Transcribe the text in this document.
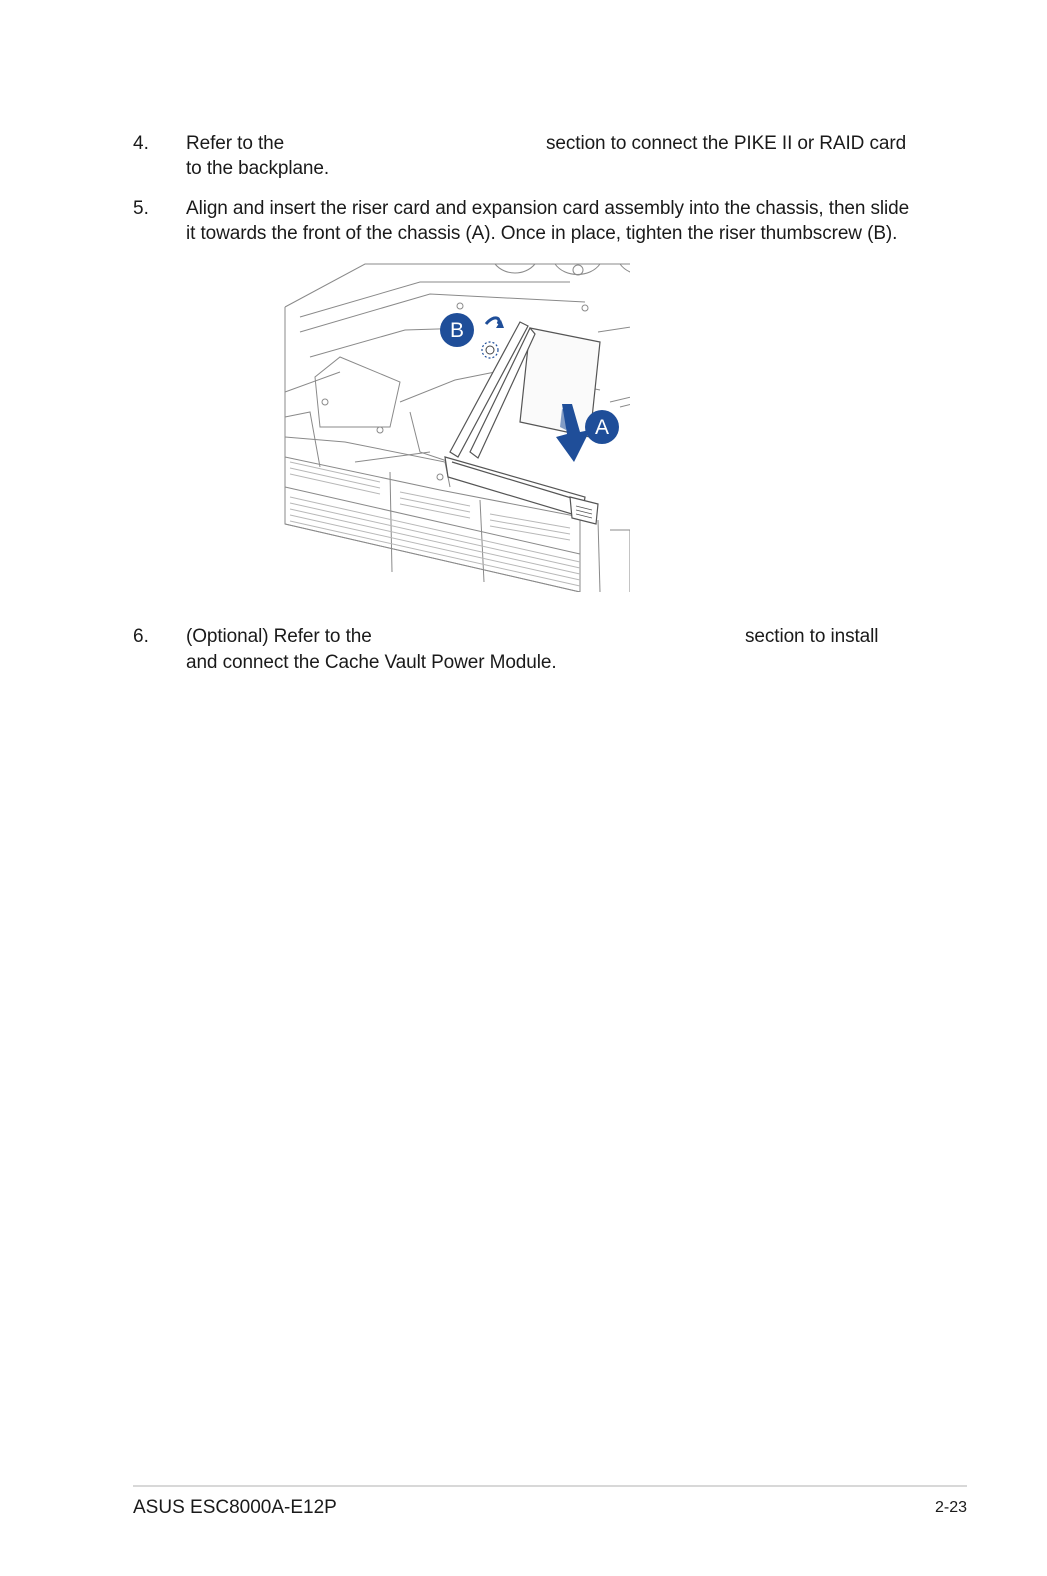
4. Refer to the	section to connect the PIKE II or RAID card
to the backplane.
5. Align and insert the riser card and expansion card assembly into the chassis, then slide
it towards the front of the chassis (A). Once in place, tighten the riser thumbscrew (B).
B
A
6. (Optional) Refer to the	section to install
and connect the Cache Vault Power Module.
ASUS ESC8000A-E12P	2-23
